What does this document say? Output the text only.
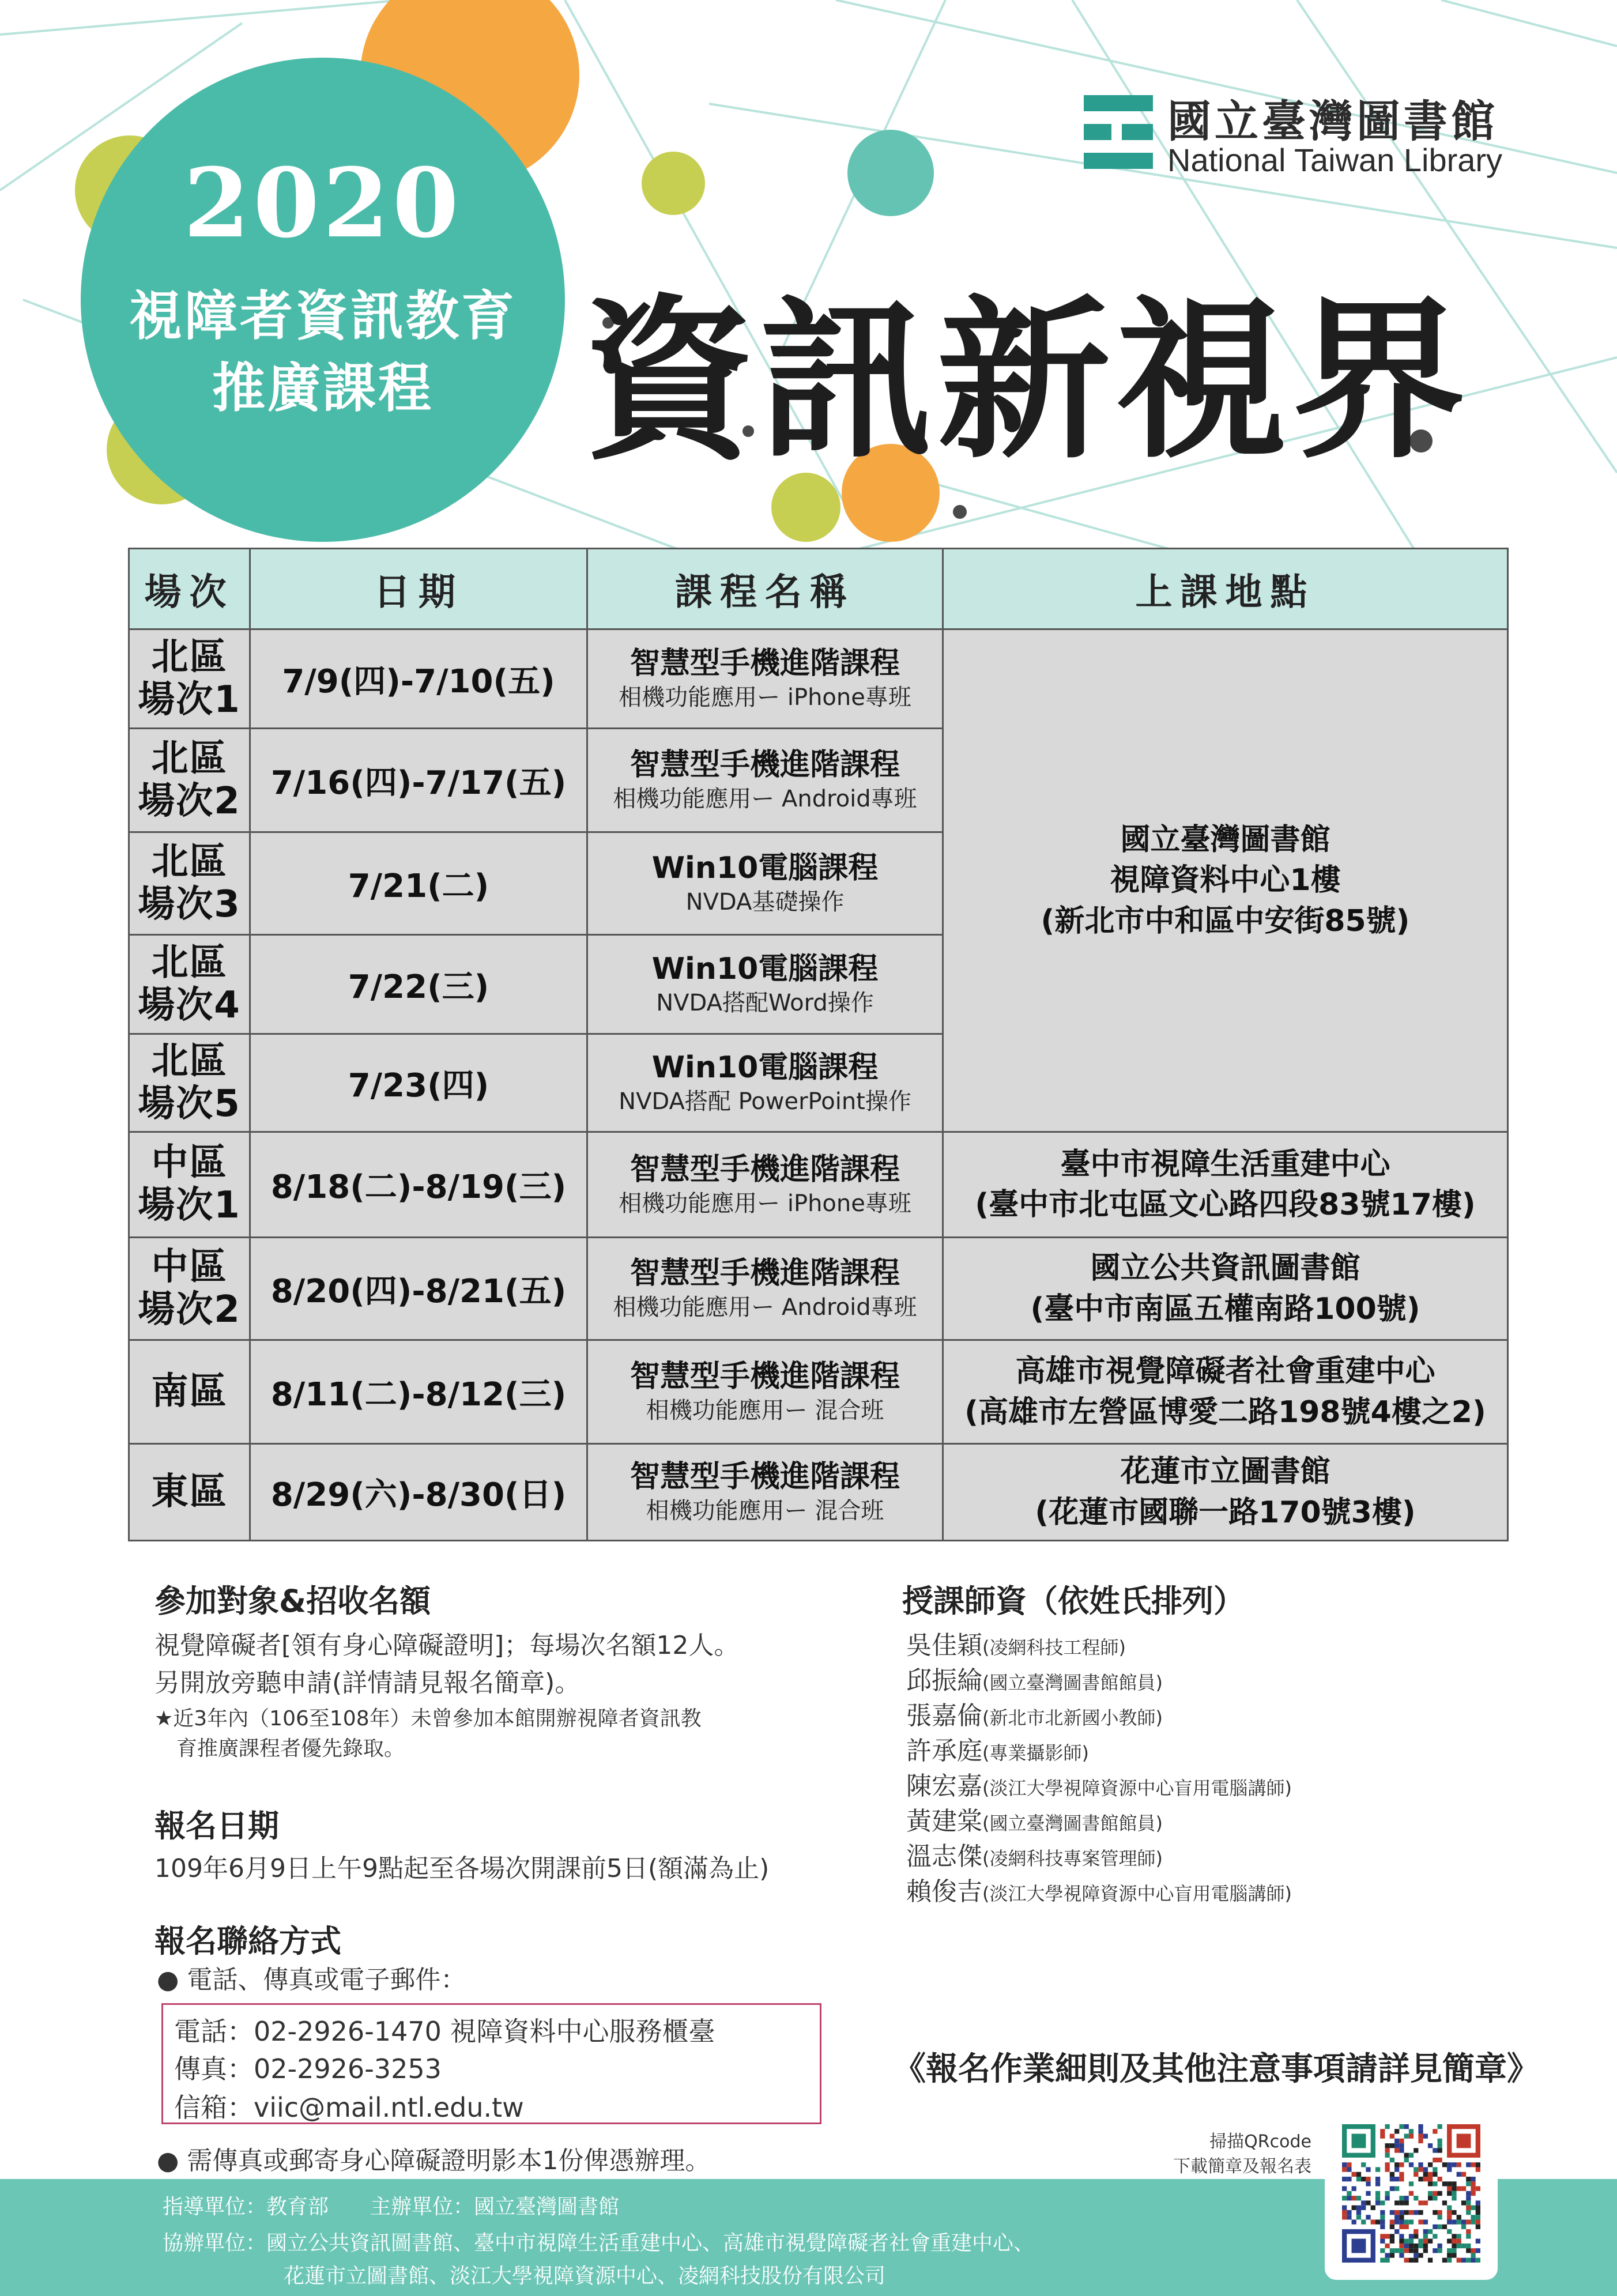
2020
視障者資訊教育
推廣課程
國立臺灣圖書館
National Taiwan Library
資訊新視界
場次	日期	課程名稱	上課地點
北區
場次1	7/9(四)-7/10(五)	智慧型手機進階課程
相機功能應用ー iPhone專班	國立臺灣圖書館
視障資料中心1樓
(新北市中和區中安街85號)

北區
場次2	7/16(四)-7/17(五)	智慧型手機進階課程
相機功能應用ー Android專班	

北區
場次3	7/21(二)	Win10電腦課程
NVDA基礎操作	

北區
場次4	7/22(三)	Win10電腦課程
NVDA搭配Word操作	

北區
場次5	7/23(四)	Win10電腦課程
NVDA搭配 PowerPoint操作	

中區
場次1	8/18(二)-8/19(三)	智慧型手機進階課程
相機功能應用ー iPhone專班	臺中市視障生活重建中心
(臺中市北屯區文心路四段83號17樓)

中區
場次2	8/20(四)-8/21(五)	智慧型手機進階課程
相機功能應用ー Android專班	國立公共資訊圖書館
(臺中市南區五權南路100號)

南區	8/11(二)-8/12(三)	智慧型手機進階課程
相機功能應用ー 混合班	高雄市視覺障礙者社會重建中心
(高雄市左營區博愛二路198號4樓之2)

東區	8/29(六)-8/30(日)	智慧型手機進階課程
相機功能應用ー 混合班	花蓮市立圖書館
(花蓮市國聯一路170號3樓)
參加對象&招收名額
視覺障礙者[領有身心障礙證明]；每場次名額12人。
另開放旁聽申請(詳情請見報名簡章)。
★近3年內（106至108年）未曾參加本館開辦視障者資訊教
育推廣課程者優先錄取。
報名日期
109年6月9日上午9點起至各場次開課前5日(額滿為止)
報名聯絡方式
● 電話、傳真或電子郵件：
電話：02-2926-1470 視障資料中心服務櫃臺
傳真：02-2926-3253
信箱：viic@mail.ntl.edu.tw
● 需傳真或郵寄身心障礙證明影本1份俾憑辦理。
授課師資（依姓氏排列）
吳佳穎(凌網科技工程師)
邱振綸(國立臺灣圖書館館員)
張嘉倫(新北市北新國小教師)
許承庭(專業攝影師)
陳宏嘉(淡江大學視障資源中心盲用電腦講師)
黃建棠(國立臺灣圖書館館員)
溫志傑(凌網科技專案管理師)
賴俊吉(淡江大學視障資源中心盲用電腦講師)
《報名作業細則及其他注意事項請詳見簡章》
指導單位：教育部　　主辦單位：國立臺灣圖書館
協辦單位：國立公共資訊圖書館、臺中市視障生活重建中心、高雄市視覺障礙者社會重建中心、
花蓮市立圖書館、淡江大學視障資源中心、凌網科技股份有限公司
掃描QRcode
下載簡章及報名表
